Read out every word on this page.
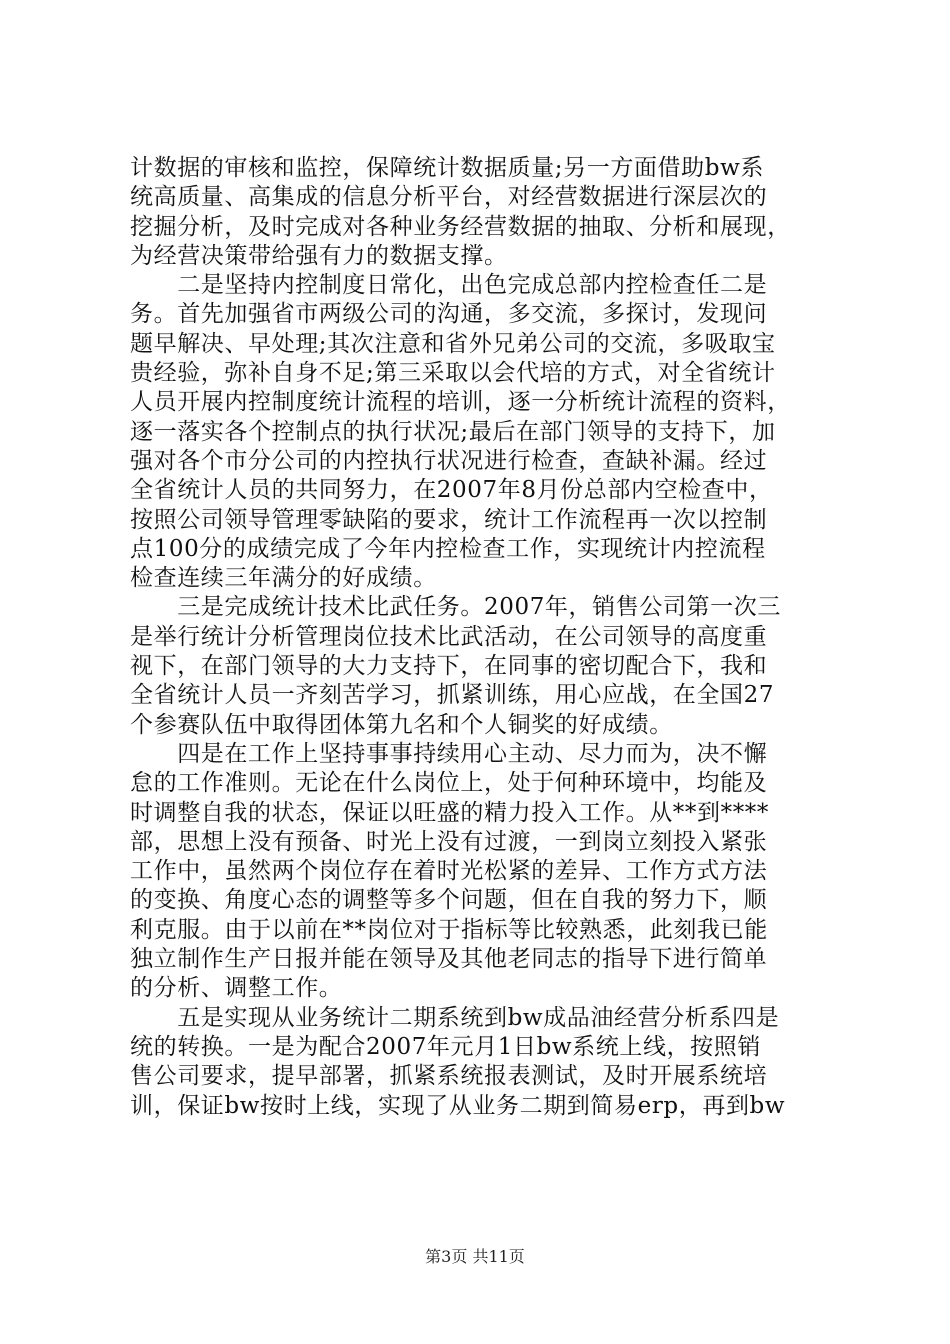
计数据的审核和监控，保障统计数据质量;另一方面借助bw系
统高质量、高集成的信息分析平台，对经营数据进行深层次的
挖掘分析，及时完成对各种业务经营数据的抽取、分析和展现，
为经营决策带给强有力的数据支撑。
　　二是坚持内控制度日常化，出色完成总部内控检查任二是
务。首先加强省市两级公司的沟通，多交流，多探讨，发现问
题早解决、早处理;其次注意和省外兄弟公司的交流，多吸取宝
贵经验，弥补自身不足;第三采取以会代培的方式，对全省统计
人员开展内控制度统计流程的培训，逐一分析统计流程的资料，
逐一落实各个控制点的执行状况;最后在部门领导的支持下，加
强对各个市分公司的内控执行状况进行检查，查缺补漏。经过
全省统计人员的共同努力，在2007年8月份总部内空检查中，
按照公司领导管理零缺陷的要求，统计工作流程再一次以控制
点100分的成绩完成了今年内控检查工作，实现统计内控流程
检查连续三年满分的好成绩。
　　三是完成统计技术比武任务。2007年，销售公司第一次三
是举行统计分析管理岗位技术比武活动，在公司领导的高度重
视下，在部门领导的大力支持下，在同事的密切配合下，我和
全省统计人员一齐刻苦学习，抓紧训练，用心应战，在全国27
个参赛队伍中取得团体第九名和个人铜奖的好成绩。
　　四是在工作上坚持事事持续用心主动、尽力而为，决不懈
怠的工作准则。无论在什么岗位上，处于何种环境中，均能及
时调整自我的状态，保证以旺盛的精力投入工作。从**到****
部，思想上没有预备、时光上没有过渡，一到岗立刻投入紧张
工作中，虽然两个岗位存在着时光松紧的差异、工作方式方法
的变换、角度心态的调整等多个问题，但在自我的努力下，顺
利克服。由于以前在**岗位对于指标等比较熟悉，此刻我已能
独立制作生产日报并能在领导及其他老同志的指导下进行简单
的分析、调整工作。
　　五是实现从业务统计二期系统到bw成品油经营分析系四是
统的转换。一是为配合2007年元月1日bw系统上线，按照销
售公司要求，提早部署，抓紧系统报表测试，及时开展系统培
训，保证bw按时上线，实现了从业务二期到简易erp，再到bw
第3页 共11页
